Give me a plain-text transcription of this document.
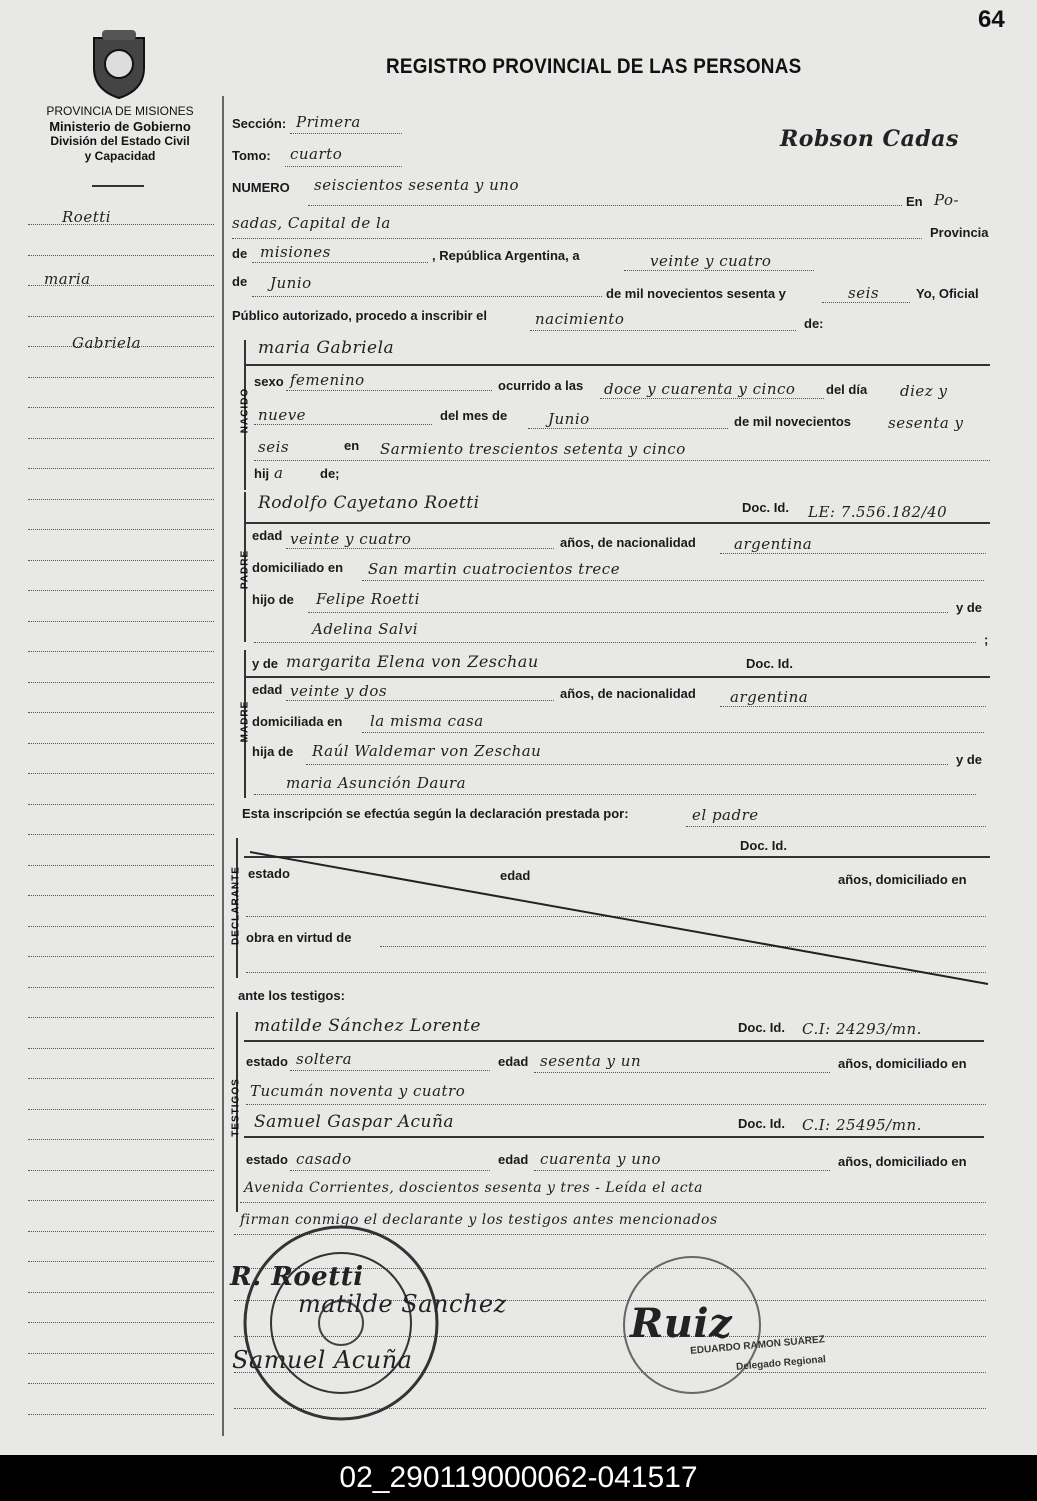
PROVINCIA DE MISIONES
Ministerio de Gobierno
División del Estado Civil
y Capacidad
REGISTRO PROVINCIAL DE LAS PERSONAS
64
Robson Cadas
Roetti
maria
Gabriela
Sección: Primera
Tomo: cuarto
NUMERO seiscientos sesenta y uno
En Po-
sadas, Capital de la
Provincia
de misiones	, República Argentina, a	veinte y cuatro
de Junio
de mil novecientos sesenta y	seis	Yo, Oficial
Público autorizado, procedo a inscribir el	nacimiento	de:
NACIDO
maria Gabriela
sexo femenino	ocurrido a las doce y cuarenta y cinco del día diez y
nueve	del mes de	Junio	de mil novecientos sesenta y
seis	en Sarmiento trescientos setenta y cinco
hij a	de;
PADRE
Rodolfo Cayetano Roetti	Doc. Id. LE: 7.556.182/40
edad veinte y cuatro	años, de nacionalidad	argentina
domiciliado en San martin cuatrocientos trece
hijo de Felipe Roetti	y de
Adelina Salvi
;
MADRE
y de margarita Elena von Zeschau	Doc. Id.
edad veinte y dos	años, de nacionalidad argentina
domiciliada en la misma casa
hija de Raúl Waldemar von Zeschau	y de
maria Asunción Daura
Esta inscripción se efectúa según la declaración prestada por:	el padre
DECLARANTE
Doc. Id.
estado	edad	años, domiciliado en
obra en virtud de
ante los testigos:
TESTIGOS
matilde Sánchez Lorente	Doc. Id. C.I: 24293/mn.
estado soltera	edad sesenta y un	años, domiciliado en
Tucumán noventa y cuatro
Samuel Gaspar Acuña	Doc. Id. C.I: 25495/mn.
estado casado	edad cuarenta y uno	años, domiciliado en
Avenida Corrientes, doscientos sesenta y tres - Leída el acta
firman conmigo el declarante y los testigos antes mencionados
R. Roetti
matilde Sanchez
Samuel Acuña
Ruiz
EDUARDO RAMON SUAREZ
Delegado Regional
02_290119000062-041517
